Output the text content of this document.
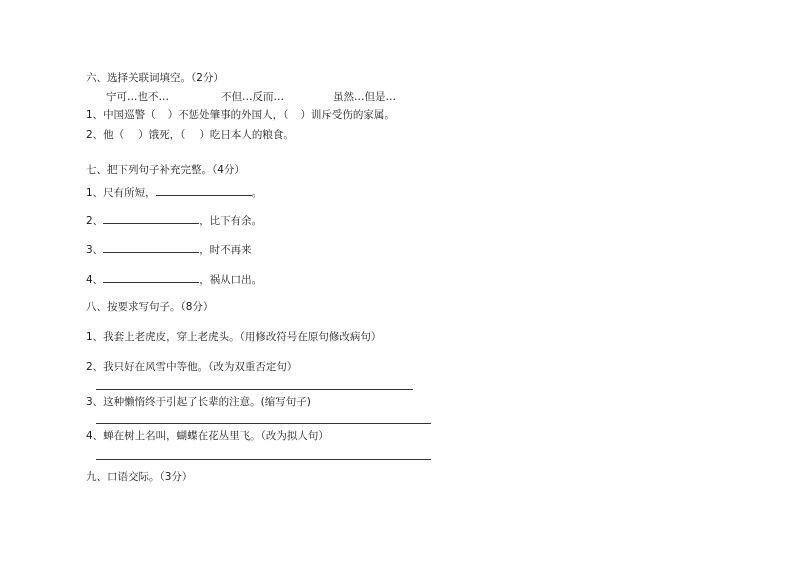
六、选择关联词填空。（2分）
宁可…也不…	不但…反而…	虽然…但是…
1、中国巡警（ ）不惩处肇事的外国人，（ ）训斥受伤的家属。
2、他（ ）饿死，（ ）吃日本人的粮食。
七、把下列句子补充完整。（4分）
1、尺有所短，	。
2、	，比下有余。
3、	，时不再来
4、	，祸从口出。
八、按要求写句子。（8分）
1、我套上老虎皮，穿上老虎头。（用修改符号在原句修改病句）
2、我只好在风雪中等他。（改为双重否定句）
3、这种懒惰终于引起了长辈的注意。(缩写句子)
4、蝉在树上名叫，蝴蝶在花丛里飞。（改为拟人句）
九、口语交际。（3分）
